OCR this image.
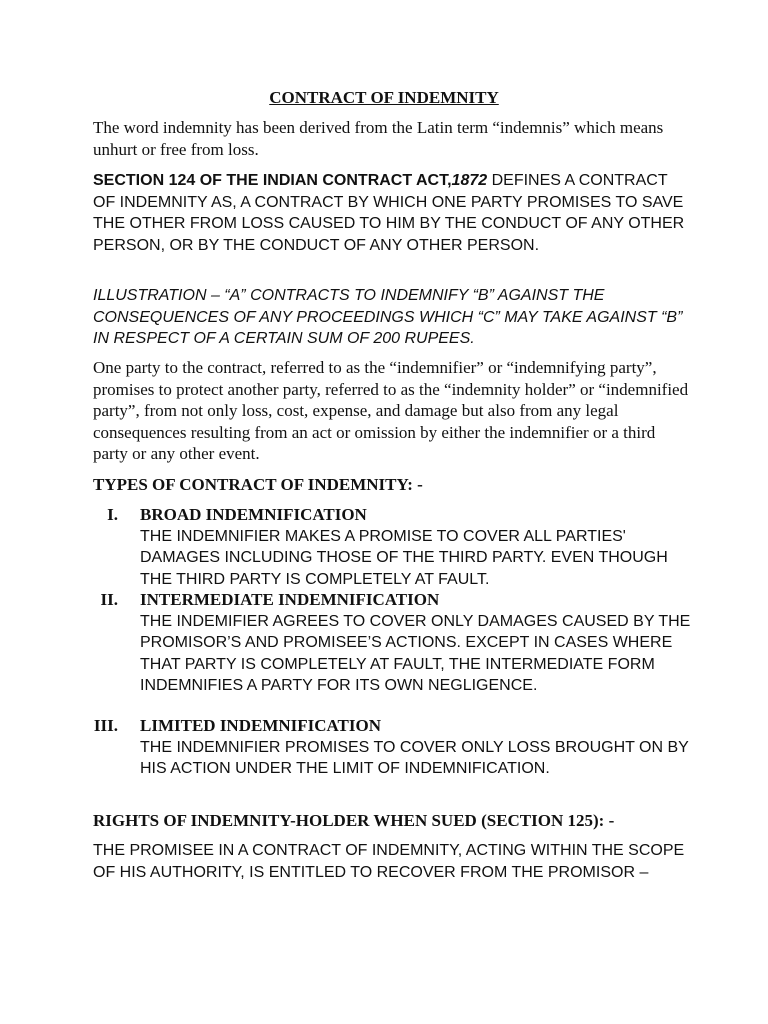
CONTRACT OF INDEMNITY

The word indemnity has been derived from the Latin term “indemnis” which means unhurt or free from loss.

SECTION 124 OF THE INDIAN CONTRACT ACT,1872 DEFINES A CONTRACT OF INDEMNITY AS, A CONTRACT BY WHICH ONE PARTY PROMISES TO SAVE THE OTHER FROM LOSS CAUSED TO HIM BY THE CONDUCT OF ANY OTHER PERSON, OR BY THE CONDUCT OF ANY OTHER PERSON.

ILLUSTRATION – “A” CONTRACTS TO INDEMNIFY “B” AGAINST THE CONSEQUENCES OF ANY PROCEEDINGS WHICH “C” MAY TAKE AGAINST “B” IN RESPECT OF A CERTAIN SUM OF 200 RUPEES.

One party to the contract, referred to as the “indemnifier” or “indemnifying party”, promises to protect another party, referred to as the “indemnity holder” or “indemnified party”, from not only loss, cost, expense, and damage but also from any legal consequences resulting from an act or omission by either the indemnifier or a third party or any other event.

TYPES OF CONTRACT OF INDEMNITY: -

I. BROAD INDEMNIFICATION
THE INDEMNIFIER MAKES A PROMISE TO COVER ALL PARTIES' DAMAGES INCLUDING THOSE OF THE THIRD PARTY. EVEN THOUGH THE THIRD PARTY IS COMPLETELY AT FAULT.
II. INTERMEDIATE INDEMNIFICATION
THE INDEMIFIER AGREES TO COVER ONLY DAMAGES CAUSED BY THE PROMISOR’S AND PROMISEE’S ACTIONS. EXCEPT IN CASES WHERE THAT PARTY IS COMPLETELY AT FAULT, THE INTERMEDIATE FORM INDEMNIFIES A PARTY FOR ITS OWN NEGLIGENCE.
III. LIMITED INDEMNIFICATION
THE INDEMNIFIER PROMISES TO COVER ONLY LOSS BROUGHT ON BY HIS ACTION UNDER THE LIMIT OF INDEMNIFICATION.

RIGHTS OF INDEMNITY-HOLDER WHEN SUED (SECTION 125): -

THE PROMISEE IN A CONTRACT OF INDEMNITY, ACTING WITHIN THE SCOPE OF HIS AUTHORITY, IS ENTITLED TO RECOVER FROM THE PROMISOR –
